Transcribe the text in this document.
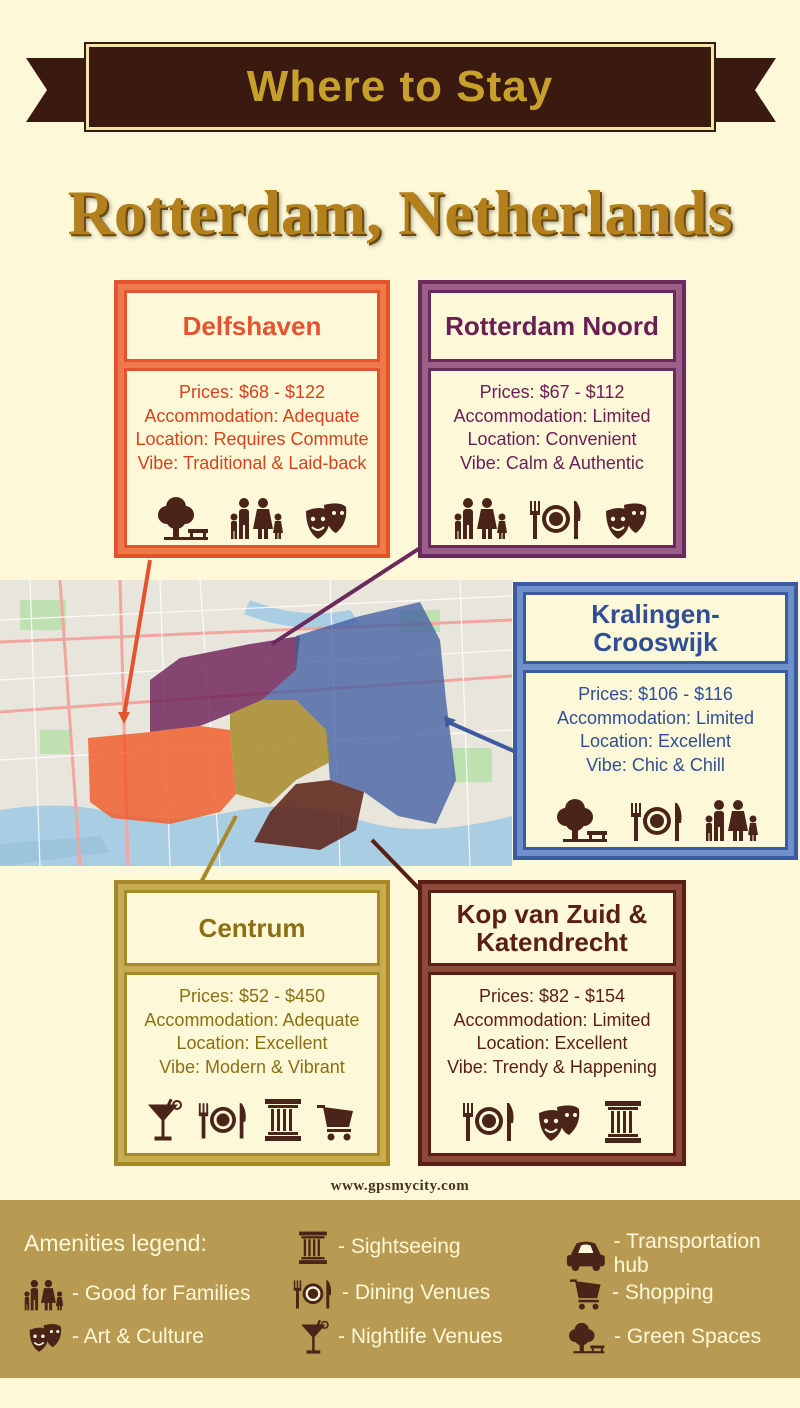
Where to Stay
Rotterdam, Netherlands
Delfshaven
Prices: $68 - $122
Accommodation: Adequate
Location: Requires Commute
Vibe: Traditional & Laid-back
Rotterdam Noord
Prices: $67 - $112
Accommodation: Limited
Location: Convenient
Vibe: Calm & Authentic
Kralingen-
Crooswijk
Prices: $106 - $116
Accommodation: Limited
Location: Excellent
Vibe: Chic & Chill
Centrum
Prices: $52 - $450
Accommodation: Adequate
Location: Excellent
Vibe: Modern & Vibrant
Kop van Zuid &
Katendrecht
Prices: $82 - $154
Accommodation: Limited
Location: Excellent
Vibe: Trendy & Happening
www.gpsmycity.com
Amenities legend:
- Good for Families
- Art & Culture
- Sightseeing
- Dining Venues
- Nightlife Venues
- Transportation hub
- Shopping
- Green Spaces
